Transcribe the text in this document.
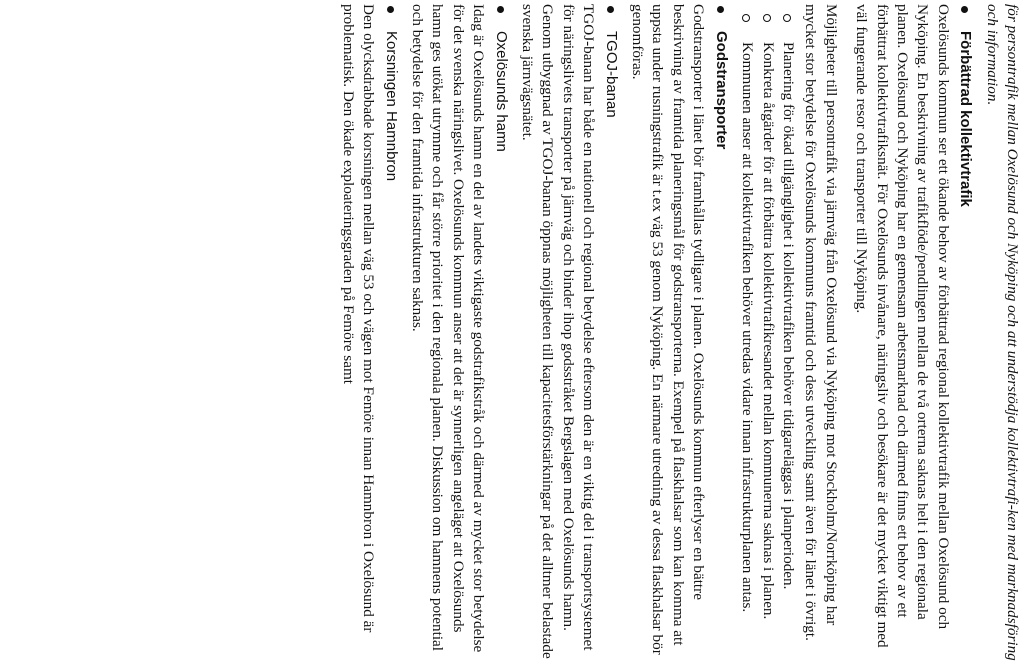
för persontrafik mellan Oxelösund och Nyköping och att understödja kollektivtrafi-ken med marknadsföring och information.

Förbättrad kollektivtrafik

Oxelösunds kommun ser ett ökande behov av förbättrad regional kollektivtrafik mellan Oxelösund och Nyköping. En beskrivning av trafikflöde/pendlingen mellan de två orterna saknas helt i den regionala planen. Oxelösund och Nyköping har en gemensam arbetsmarknad och därmed finns ett behov av ett förbättrat kollektivtrafiksnät. För Oxelösunds invånare, näringsliv och besökare är det mycket viktigt med väl fungerande resor och transporter till Nyköping.

Möjligheter till persontrafik via järnväg från Oxelösund via Nyköping mot Stockholm/Norrköping har mycket stor betydelse för Oxelösunds kommuns framtid och dess utveckling samt även för länet i övrigt.

Planering för ökad tillgänglighet i kollektivtrafiken behöver tidigareläggas i planperioden.
Konkreta åtgärder för att förbättra kollektivtrafikresandet mellan kommunerna saknas i planen.
Kommunen anser att kollektivtrafiken behöver utredas vidare innan infrastrukturplanen antas.
Godstransporter

Godstransporter i länet bör framhållas tydligare i planen. Oxelösunds kommun efterlyser en bättre beskrivning av framtida planeringsmål för godstransporterna. Exempel på flaskhalsar som kan komma att uppsta under rusningstrafik är t.ex väg 53 genom Nyköping. En närmare utredning av dessa flaskhalsar bör genomföras.

TGOJ-banan

TGOJ-banan har både en nationell och regional betydelse eftersom den är en viktig del i transportsystemet för näringslivets transporter på järnväg och binder ihop godsstråket Bergslagen med Oxelösunds hamn. Genom utbyggnad av TGOJ-banan öppnas möjligheten till kapacitetsförstärkningar på det alltmer belastade svenska järnvägsnätet.

Oxelösunds hamn

Idag är Oxelösunds hamn en del av landets viktigaste godstrafikstråk och därmed av mycket stor betydelse för det svenska näringslivet. Oxelösunds kommun anser att det är synnerligen angeläget att Oxelösunds hamn ges utökat utrymme och får större prioritet i den regionala planen. Diskussion om hamnens potential och betydelse för den framtida infrastrukturen saknas.

Korsningen Hamnbron

Den olycksdrabbade korsningen mellan väg 53 och vägen mot Femöre innan Hamnbron i Oxelösund är problematisk. Den ökade exploateringsgraden på Femöre samt
